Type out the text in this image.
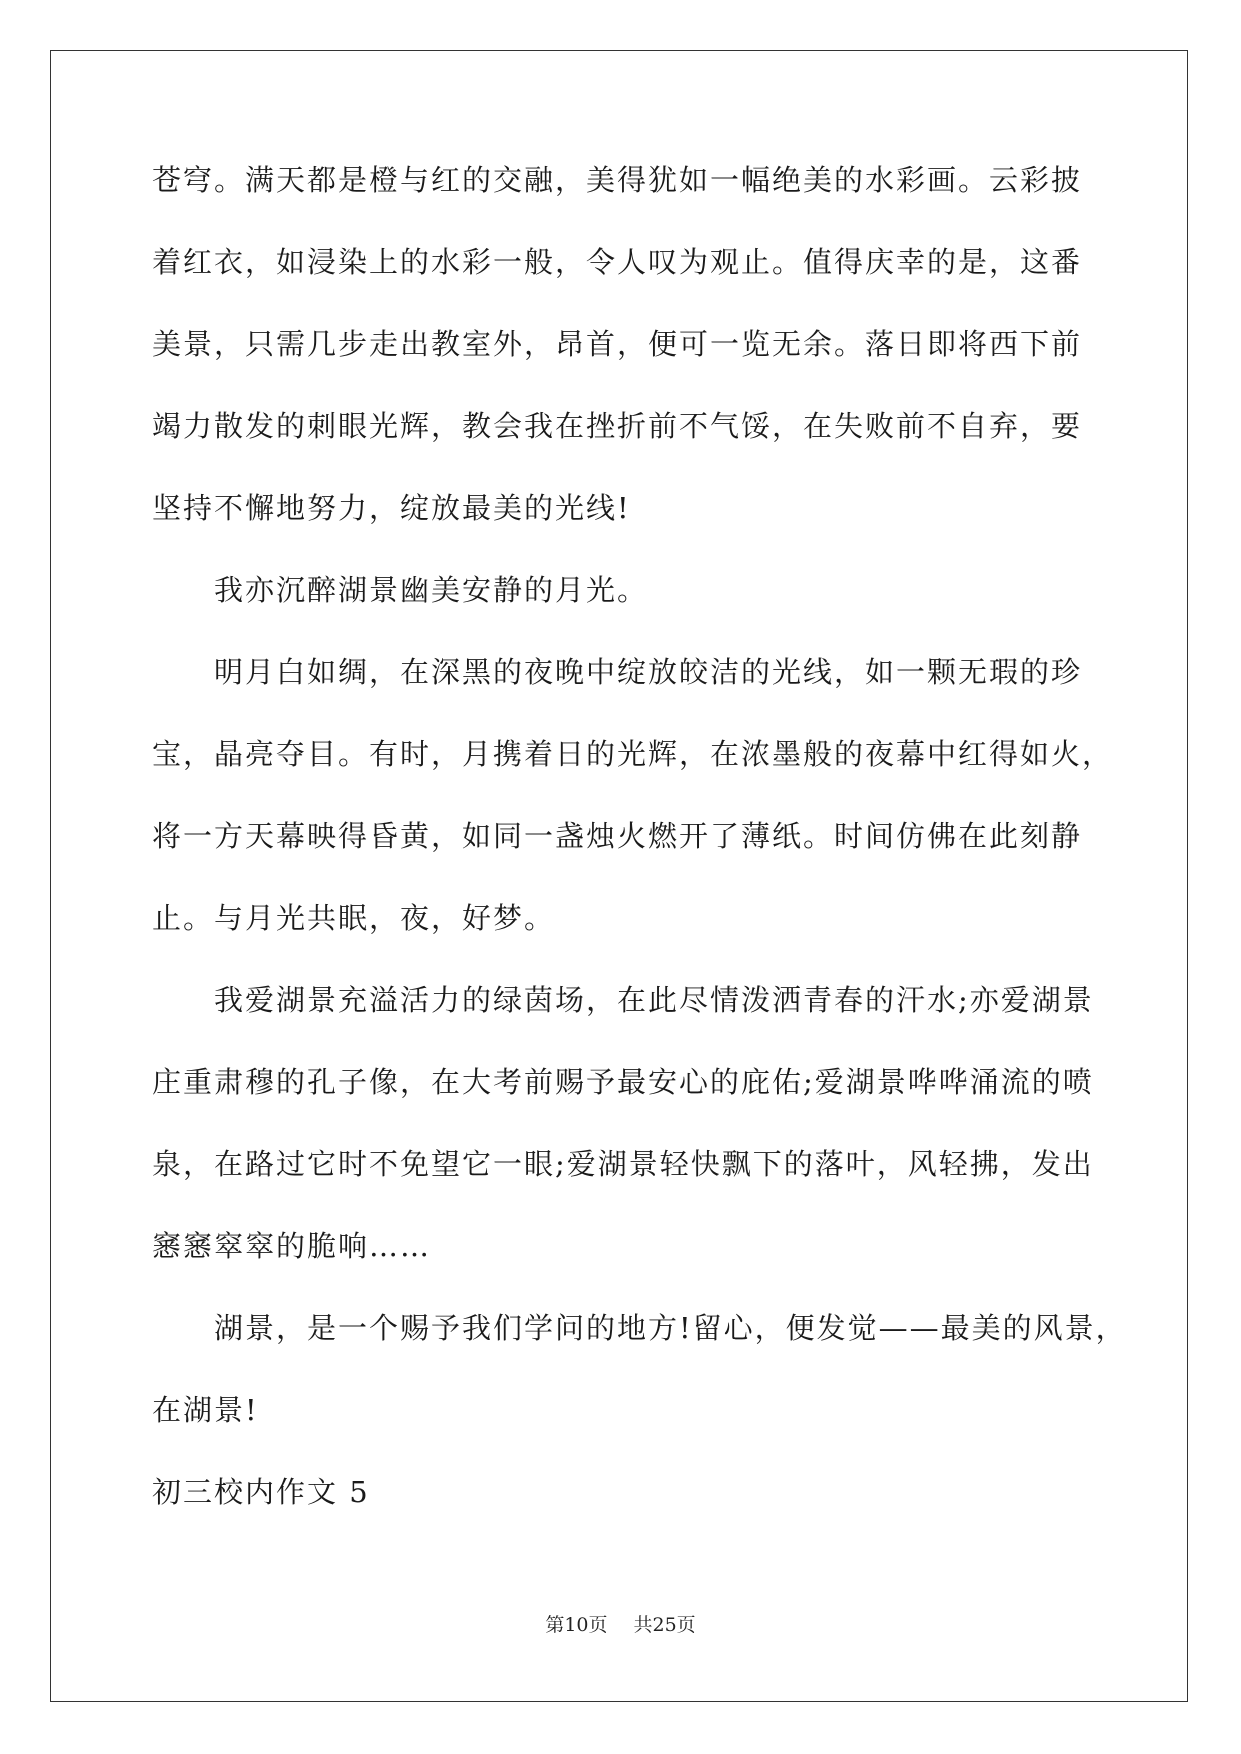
苍穹。满天都是橙与红的交融，美得犹如一幅绝美的水彩画。云彩披
着红衣，如浸染上的水彩一般，令人叹为观止。值得庆幸的是，这番
美景，只需几步走出教室外，昂首，便可一览无余。落日即将西下前
竭力散发的刺眼光辉，教会我在挫折前不气馁，在失败前不自弃，要
坚持不懈地努力，绽放最美的光线!
我亦沉醉湖景幽美安静的月光。
明月白如绸，在深黑的夜晚中绽放皎洁的光线，如一颗无瑕的珍
宝，晶亮夺目。有时，月携着日的光辉，在浓墨般的夜幕中红得如火，
将一方天幕映得昏黄，如同一盏烛火燃开了薄纸。时间仿佛在此刻静
止。与月光共眠，夜，好梦。
我爱湖景充溢活力的绿茵场，在此尽情泼洒青春的汗水;亦爱湖景
庄重肃穆的孔子像，在大考前赐予最安心的庇佑;爱湖景哗哗涌流的喷
泉，在路过它时不免望它一眼;爱湖景轻快飘下的落叶，风轻拂，发出
窸窸窣窣的脆响……
湖景，是一个赐予我们学问的地方!留心，便发觉——最美的风景，
在湖景!
初三校内作文 5
第10页 共25页
